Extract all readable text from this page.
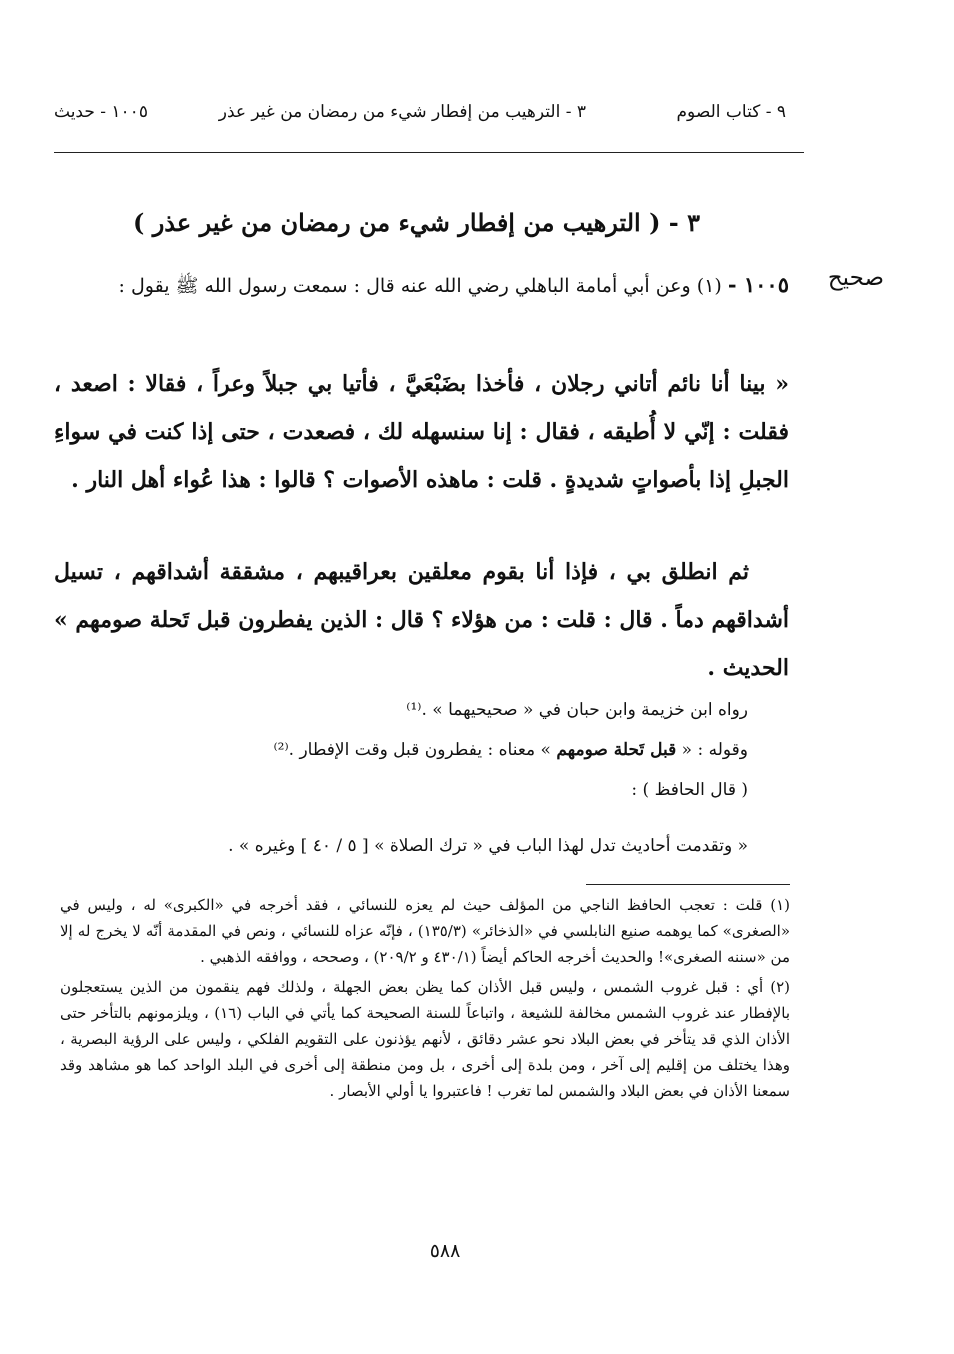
٩ - كتاب الصوم
٣ - الترهيب من إفطار شيء من رمضان من غير عذر
١٠٠٥ - حديث
٣ - ( الترهيب من إفطار شيء من رمضان من غير عذر )
صحيح
١٠٠٥ - (١) وعن أبي أمامة الباهلي رضي الله عنه قال : سمعت رسول الله ﷺ يقول :

« بينا أنا نائم أتاني رجلان ، فأخذا بضَبْعَيَّ ، فأتيا بي جبلاً وعراً ، فقالا : اصعد ، فقلت : إنّي لا أُطيقه ، فقال : إنا سنسهله لك ، فصعدت ، حتى إذا كنت في سواءِ الجبلِ إذا بأصواتٍ شديدةٍ . قلت : ماهذه الأصوات ؟ قالوا : هذا عُواء أهل النار .

ثم انطلق بي ، فإذا أنا بقوم معلقين بعراقيبهم ، مشققة أشداقهم ، تسيل أشداقهم دماً . قال : قلت : من هؤلاء ؟ قال : الذين يفطرون قبل تَحلة صومهم » الحديث .

رواه ابن خزيمة وابن حبان في « صحيحيهما » .⁽¹⁾

وقوله : « قبل تَحلة صومهم » معناه : يفطرون قبل وقت الإفطار .⁽²⁾

( قال الحافظ ) :

« وتقدمت أحاديث تدل لهذا الباب في « ترك الصلاة » [ ٥ / ٤٠ ] وغيره » .

(١) قلت : تعجب الحافظ الناجي من المؤلف حيث لم يعزه للنسائي ، فقد أخرجه في «الكبرى» له ، وليس في «الصغرى» كما يوهمه صنيع النابلسي في «الذخائر» (١٣٥/٣) ، فإنّه عزاه للنسائي ، ونص في المقدمة أنّه لا يخرج له إلا من «سننه الصغرى»! والحديث أخرجه الحاكم أيضاً (٤٣٠/١ و ٢٠٩/٢) ، وصححه ، ووافقه الذهبي .

(٢) أي : قبل غروب الشمس ، وليس قبل الأذان كما يظن بعض الجهلة ، ولذلك فهم ينقمون من الذين يستعجلون بالإفطار عند غروب الشمس مخالفة للشيعة ، واتباعاً للسنة الصحيحة كما يأتي في الباب (١٦) ، ويلزمونهم بالتأخر حتى الأذان الذي قد يتأخر في بعض البلاد نحو عشر دقائق ، لأنهم يؤذنون على التقويم الفلكي ، وليس على الرؤية البصرية ، وهذا يختلف من إقليم إلى آخر ، ومن بلدة إلى أخرى ، بل ومن منطقة إلى أخرى في البلد الواحد كما هو مشاهد وقد سمعنا الأذان في بعض البلاد والشمس لما تغرب ! فاعتبروا يا أولي الأبصار .

٥٨٨
